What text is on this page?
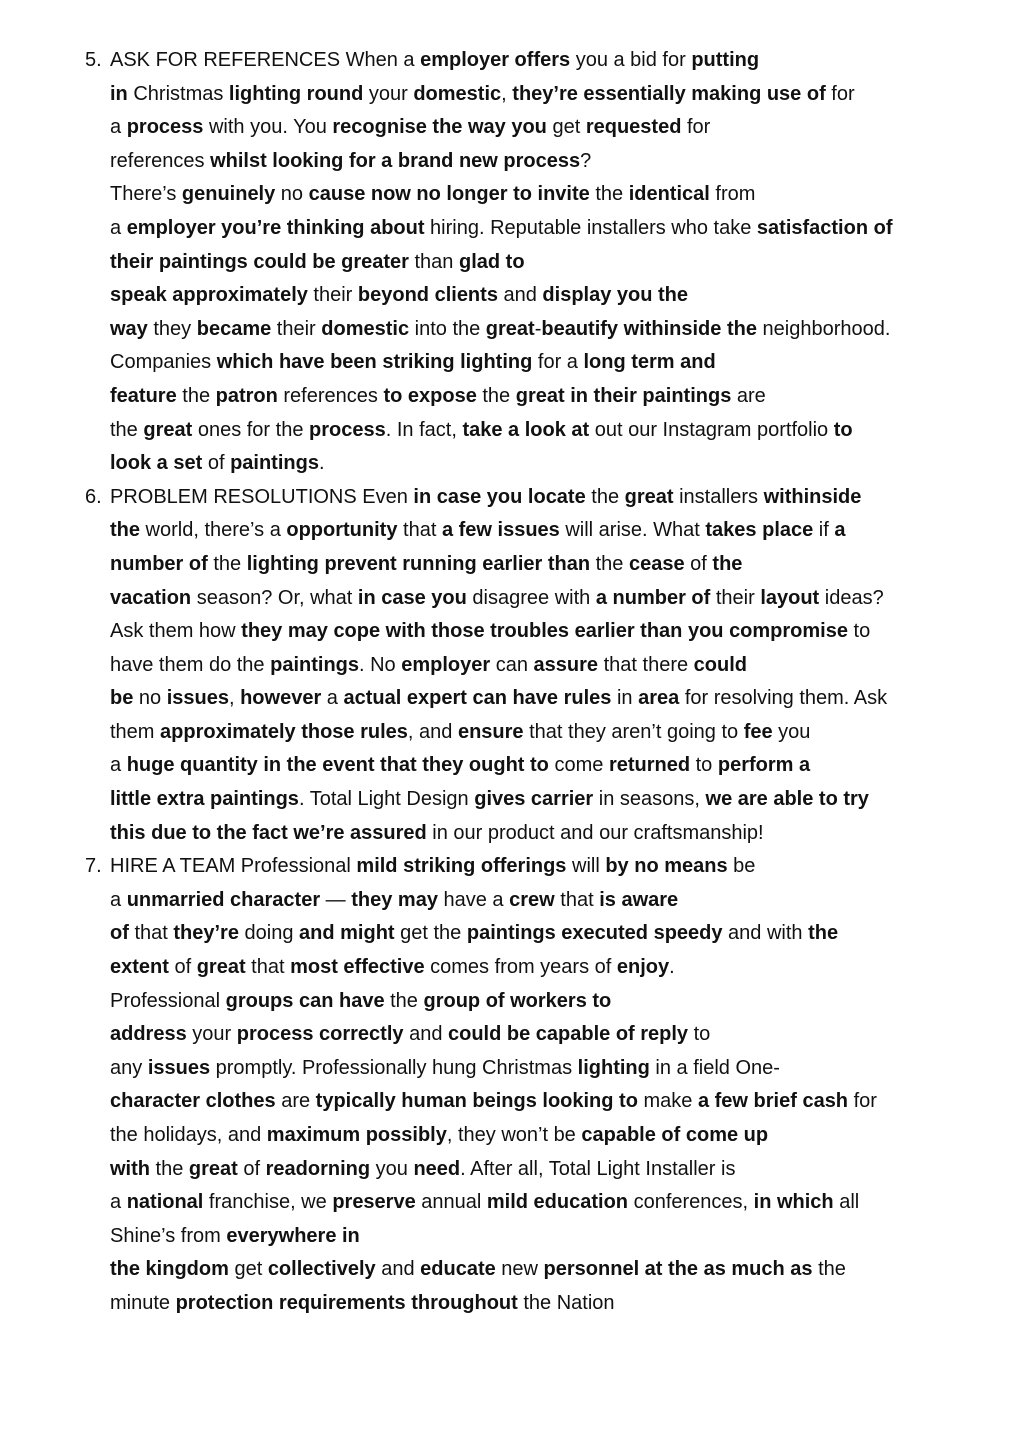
5. ASK FOR REFERENCES When a employer offers you a bid for putting
in Christmas lighting round your domestic, they’re essentially making use of for
a process with you. You recognise the way you get requested for
references whilst looking for a brand new process?
There’s genuinely no cause now no longer to invite the identical from
a employer you’re thinking about hiring. Reputable installers who take satisfaction of
their paintings could be greater than glad to
speak approximately their beyond clients and display you the
way they became their domestic into the great-beautify withinside the neighborhood.
Companies which have been striking lighting for a long term and
feature the patron references to expose the great in their paintings are
the great ones for the process. In fact, take a look at out our Instagram portfolio to
look a set of paintings.
6. PROBLEM RESOLUTIONS Even in case you locate the great installers withinside
the world, there’s a opportunity that a few issues will arise. What takes place if a
number of the lighting prevent running earlier than the cease of the
vacation season? Or, what in case you disagree with a number of their layout ideas?
Ask them how they may cope with those troubles earlier than you compromise to
have them do the paintings. No employer can assure that there could
be no issues, however a actual expert can have rules in area for resolving them. Ask
them approximately those rules, and ensure that they aren’t going to fee you
a huge quantity in the event that they ought to come returned to perform a
little extra paintings. Total Light Design gives carrier in seasons, we are able to try
this due to the fact we’re assured in our product and our craftsmanship!
7. HIRE A TEAM Professional mild striking offerings will by no means be
a unmarried character — they may have a crew that is aware
of that they’re doing and might get the paintings executed speedy and with the
extent of great that most effective comes from years of enjoy.
Professional groups can have the group of workers to
address your process correctly and could be capable of reply to
any issues promptly. Professionally hung Christmas lighting in a field One-
character clothes are typically human beings looking to make a few brief cash for
the holidays, and maximum possibly, they won’t be capable of come up
with the great of readorning you need. After all, Total Light Installer is
a national franchise, we preserve annual mild education conferences, in which all
Shine’s from everywhere in
the kingdom get collectively and educate new personnel at the as much as the
minute protection requirements throughout the Nation
